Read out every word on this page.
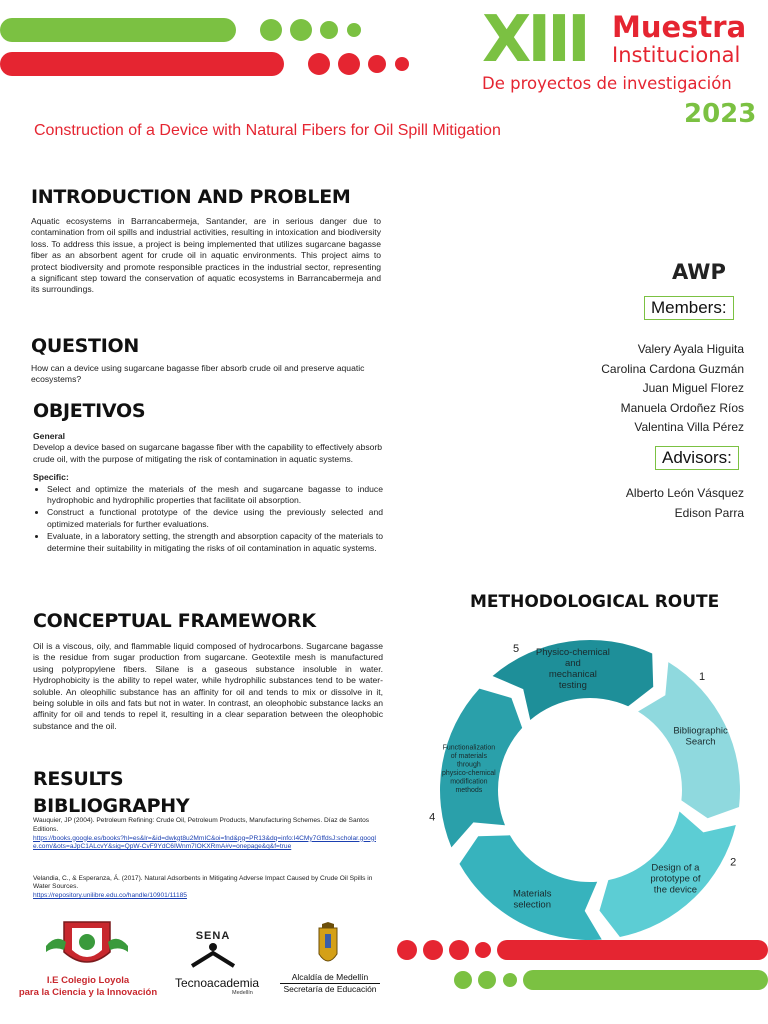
XIII Muestra
Institucional
De proyectos de investigación
2023
Construction of a Device with Natural Fibers for Oil Spill Mitigation
INTRODUCTION AND PROBLEM
Aquatic ecosystems in Barrancabermeja, Santander, are in serious danger due to contamination from oil spills and industrial activities, resulting in intoxication and biodiversity loss. To address this issue, a project is being implemented that utilizes sugarcane bagasse fiber as an absorbent agent for crude oil in aquatic environments. This project aims to protect biodiversity and promote responsible practices in the industrial sector, representing a significant step toward the conservation of aquatic ecosystems in Barrancabermeja and its surroundings.
QUESTION
How can a device using sugarcane bagasse fiber absorb crude oil and preserve aquatic ecosystems?
OBJETIVOS
General
Develop a device based on sugarcane bagasse fiber with the capability to effectively absorb crude oil, with the purpose of mitigating the risk of contamination in aquatic systems.
Specific:
• Select and optimize the materials of the mesh and sugarcane bagasse to induce hydrophobic and hydrophilic properties that facilitate oil absorption.
• Construct a functional prototype of the device using the previously selected and optimized materials for further evaluations.
• Evaluate, in a laboratory setting, the strength and absorption capacity of the materials to determine their suitability in mitigating the risks of oil contamination in aquatic systems.
CONCEPTUAL FRAMEWORK
Oil is a viscous, oily, and flammable liquid composed of hydrocarbons. Sugarcane bagasse is the residue from sugar production from sugarcane. Geotextile mesh is manufactured using polypropylene fibers. Silane is a gaseous substance insoluble in water. Hydrophobicity is the ability to repel water, while hydrophilic substances tend to be water-soluble. An oleophilic substance has an affinity for oil and tends to mix or dissolve in it, being soluble in oils and fats but not in water. In contrast, an oleophobic substance lacks an affinity for oil and tends to repel it, resulting in a clear separation between the oleophobic substance and the oil.
RESULTS
BIBLIOGRAPHY
Wauquier, JP (2004). Petroleum Refining: Crude Oil, Petroleum Products, Manufacturing Schemes. Díaz de Santos Editions.
https://books.google.es/books?hl=es&lr=&id=dwkgt8u2MmIC&oi=fnd&pg=PR13&dq=info:I4CMy7GffdsJ:scholar.google.com/&ots=aJpC1ALcvY&sig=QpW-CvF9YdC6IWnm7IOKXRmA#v=onepage&q&f=true
Velandia, C., & Esperanza, Á. (2017). Natural Adsorbents in Mitigating Adverse Impact Caused by Crude Oil Spills in Water Sources.
https://repository.unilibre.edu.co/handle/10901/11185
AWP
Members:
Valery Ayala Higuita
Carolina Cardona Guzmán
Juan Miguel Florez
Manuela Ordoñez Ríos
Valentina Villa Pérez
Advisors:
Alberto León Vásquez
Edison Parra
METHODOLOGICAL ROUTE
Bibliographic Search
1
Design of a prototype of the device
2
Materials selection
Functionalization of materials through physico-chemical modification methods
4
Physico-chemical and mechanical testing
5
I.E Colegio Loyola
para la Ciencia y la Innovación
SENA
Tecnoacademia
Medellín
Alcaldía de Medellín
Secretaría de Educación
